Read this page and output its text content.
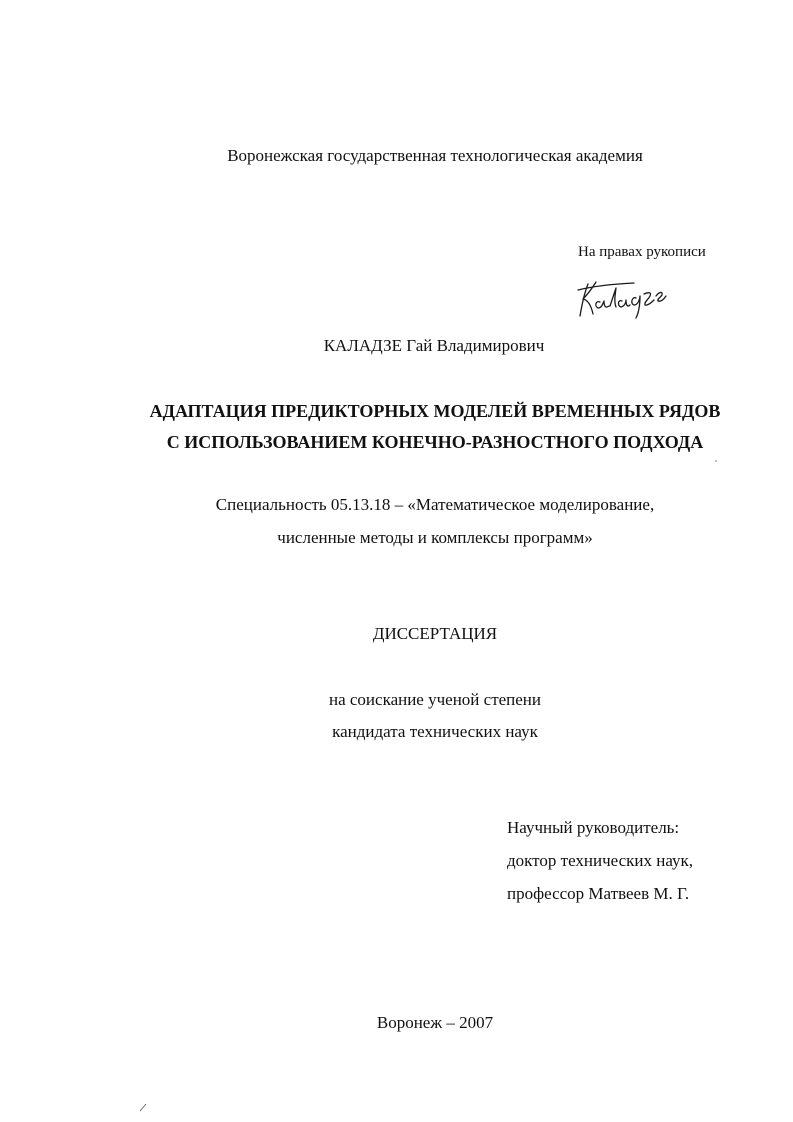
Воронежская государственная технологическая академия
На правах рукописи
КАЛАДЗЕ Гай Владимирович
АДАПТАЦИЯ ПРЕДИКТОРНЫХ МОДЕЛЕЙ ВРЕМЕННЫХ РЯДОВ
С ИСПОЛЬЗОВАНИЕМ КОНЕЧНО-РАЗНОСТНОГО ПОДХОДА
Специальность 05.13.18 – «Математическое моделирование,
численные методы и комплексы программ»
ДИССЕРТАЦИЯ
на соискание ученой степени
кандидата технических наук
Научный руководитель:
доктор технических наук,
профессор Матвеев М. Г.
Воронеж – 2007
